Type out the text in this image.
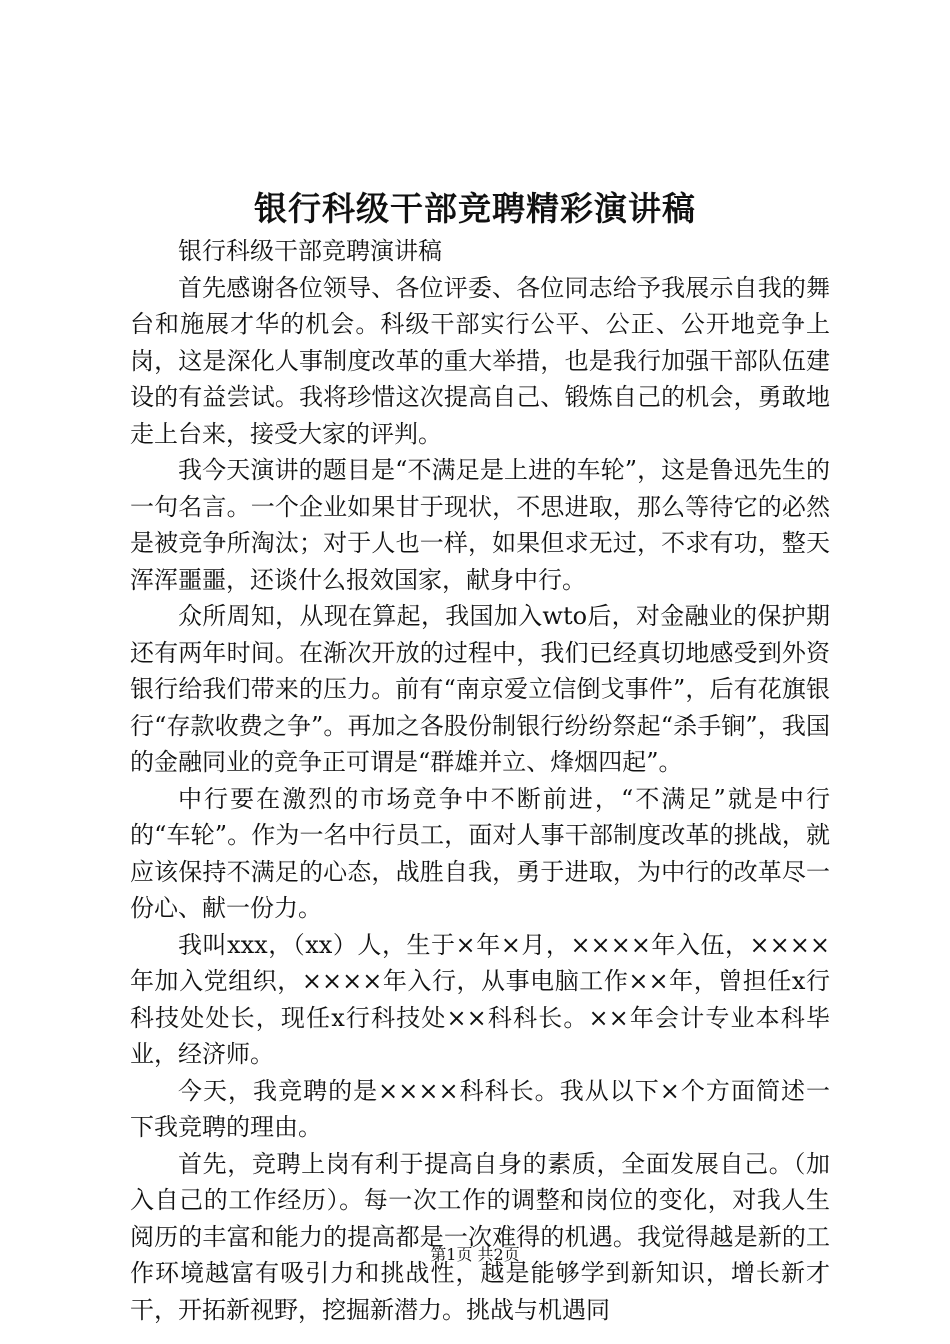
银行科级干部竞聘精彩演讲稿

银行科级干部竞聘演讲稿

首先感谢各位领导、各位评委、各位同志给予我展示自我的舞台和施展才华的机会。科级干部实行公平、公正、公开地竞争上岗，这是深化人事制度改革的重大举措，也是我行加强干部队伍建设的有益尝试。我将珍惜这次提高自己、锻炼自己的机会，勇敢地走上台来，接受大家的评判。

我今天演讲的题目是“不满足是上进的车轮”，这是鲁迅先生的一句名言。一个企业如果甘于现状，不思进取，那么等待它的必然是被竞争所淘汰；对于人也一样，如果但求无过，不求有功，整天浑浑噩噩，还谈什么报效国家，献身中行。

众所周知，从现在算起，我国加入wto后，对金融业的保护期还有两年时间。在渐次开放的过程中，我们已经真切地感受到外资银行给我们带来的压力。前有“南京爱立信倒戈事件”，后有花旗银行“存款收费之争”。再加之各股份制银行纷纷祭起“杀手锏”，我国的金融同业的竞争正可谓是“群雄并立、烽烟四起”。

中行要在激烈的市场竞争中不断前进，“不满足”就是中行的“车轮”。作为一名中行员工，面对人事干部制度改革的挑战，就应该保持不满足的心态，战胜自我，勇于进取，为中行的改革尽一份心、献一份力。

我叫xxx，（xx）人，生于×年×月，××××年入伍，××××年加入党组织，××××年入行，从事电脑工作××年，曾担任x行科技处处长，现任x行科技处××科科长。××年会计专业本科毕业，经济师。

今天，我竞聘的是××××科科长。我从以下×个方面简述一下我竞聘的理由。

首先，竞聘上岗有利于提高自身的素质，全面发展自己。（加入自己的工作经历）。每一次工作的调整和岗位的变化，对我人生阅历的丰富和能力的提高都是一次难得的机遇。我觉得越是新的工作环境越富有吸引力和挑战性，越是能够学到新知识，增长新才干，开拓新视野，挖掘新潜力。挑战与机遇同

第1页 共2页
